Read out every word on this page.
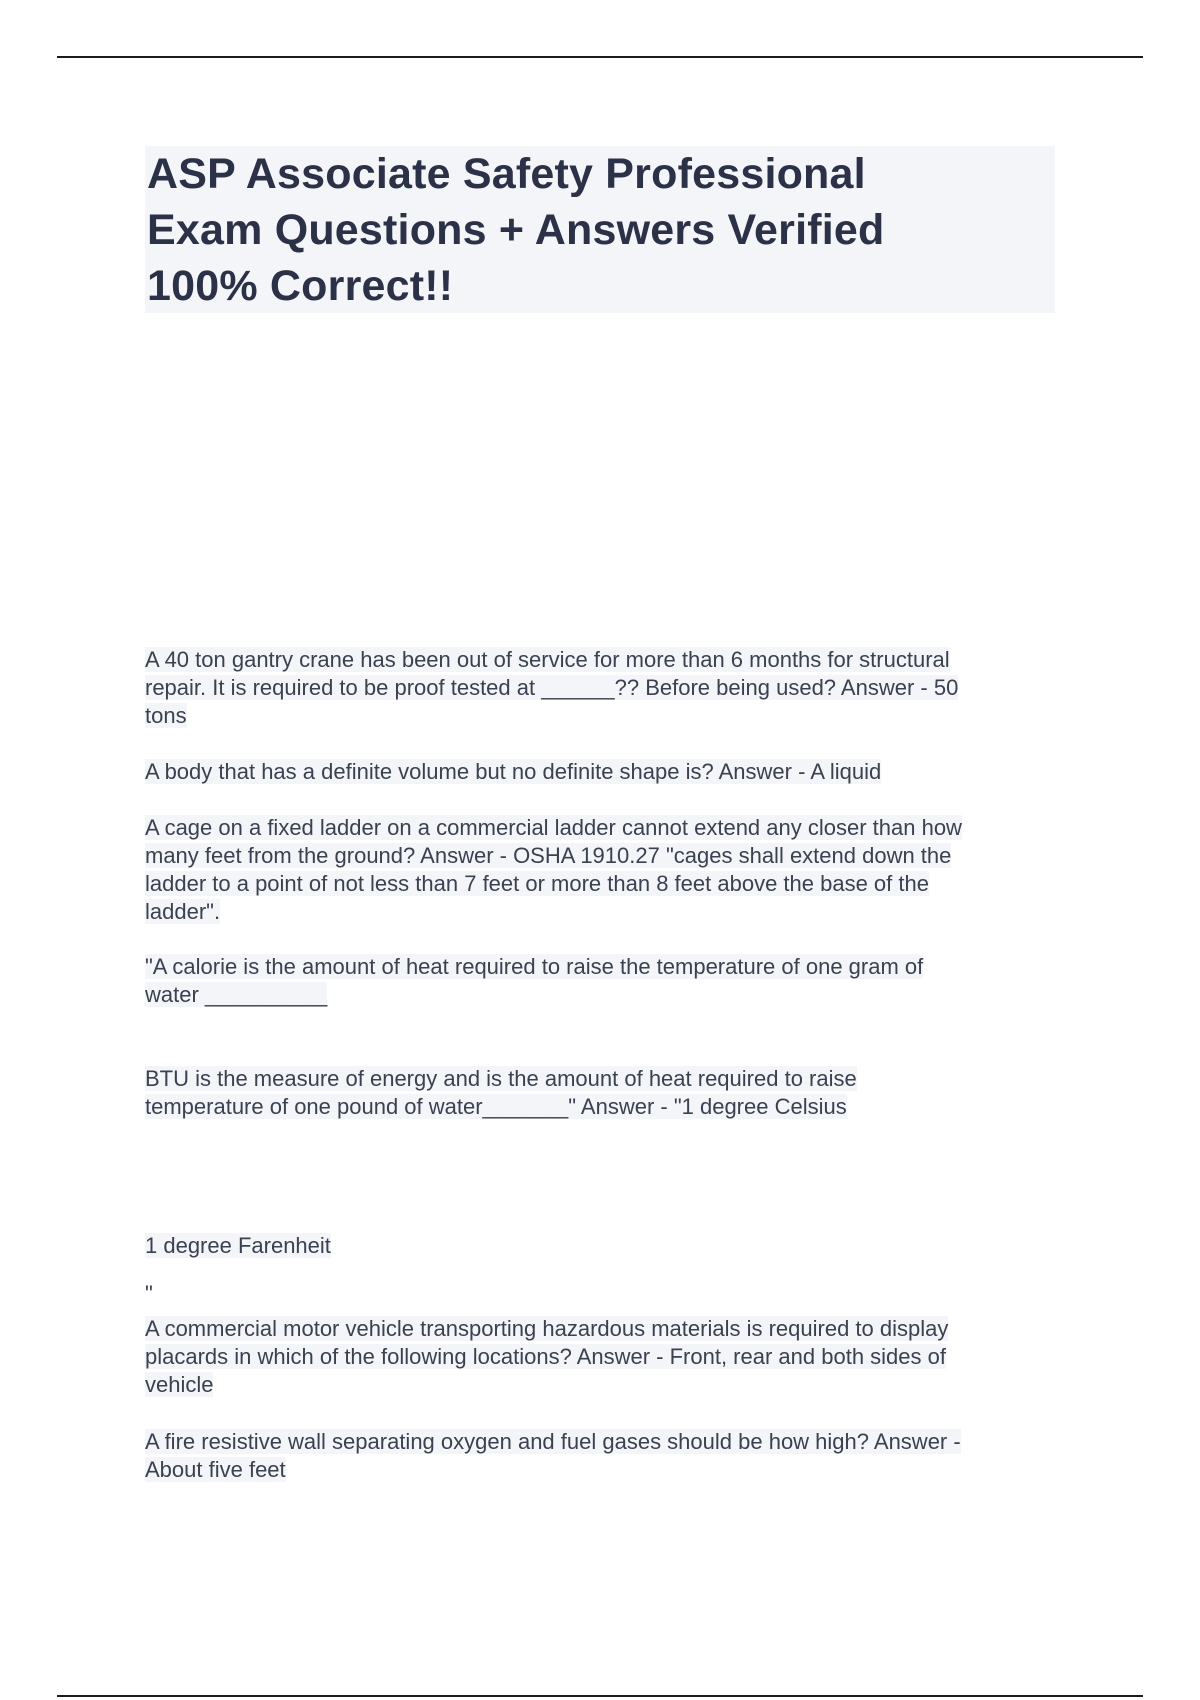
ASP Associate Safety Professional
Exam Questions + Answers Verified
100% Correct!!

A 40 ton gantry crane has been out of service for more than 6 months for structural
repair. It is required to be proof tested at ______?? Before being used? Answer - 50
tons

A body that has a definite volume but no definite shape is? Answer - A liquid

A cage on a fixed ladder on a commercial ladder cannot extend any closer than how
many feet from the ground? Answer - OSHA 1910.27 "cages shall extend down the
ladder to a point of not less than 7 feet or more than 8 feet above the base of the
ladder".

"A calorie is the amount of heat required to raise the temperature of one gram of
water __________

BTU is the measure of energy and is the amount of heat required to raise
temperature of one pound of water_______" Answer - "1 degree Celsius

1 degree Farenheit

"

A commercial motor vehicle transporting hazardous materials is required to display
placards in which of the following locations? Answer - Front, rear and both sides of
vehicle

A fire resistive wall separating oxygen and fuel gases should be how high? Answer -
About five feet
